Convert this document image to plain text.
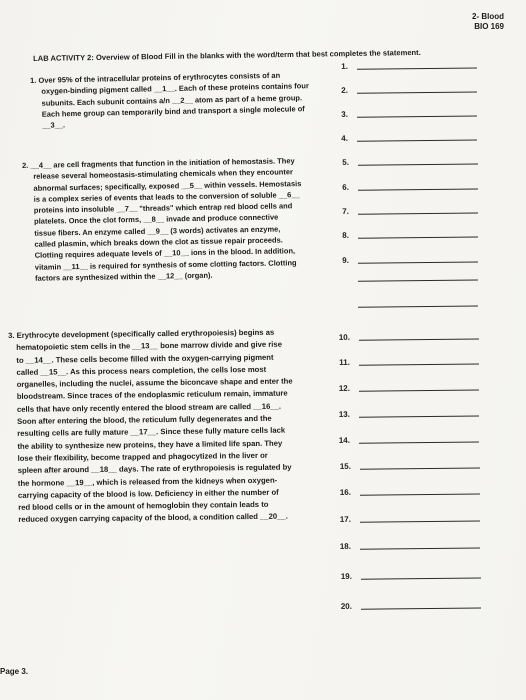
2- Blood
BIO 169
LAB ACTIVITY 2: Overview of Blood Fill in the blanks with the word/term that best completes the statement.
1. Over 95% of the intracellular proteins of erythrocytes consists of an
oxygen-binding pigment called __1__. Each of these proteins contains four
subunits. Each subunit contains a/n __2__ atom as part of a heme group.
Each heme group can temporarily bind and transport a single molecule of
__3__.
2. __4__ are cell fragments that function in the initiation of hemostasis. They
release several homeostasis-stimulating chemicals when they encounter
abnormal surfaces; specifically, exposed __5__ within vessels. Hemostasis
is a complex series of events that leads to the conversion of soluble __6__
proteins into insoluble __7__ "threads" which entrap red blood cells and
platelets. Once the clot forms, __8__ invade and produce connective
tissue fibers. An enzyme called __9__ (3 words) activates an enzyme,
called plasmin, which breaks down the clot as tissue repair proceeds.
Clotting requires adequate levels of __10__ ions in the blood. In addition,
vitamin __11__ is required for synthesis of some clotting factors. Clotting
factors are synthesized within the __12__ (organ).
3. Erythrocyte development (specifically called erythropoiesis) begins as
hematopoietic stem cells in the __13__ bone marrow divide and give rise
to __14__. These cells become filled with the oxygen-carrying pigment
called __15__. As this process nears completion, the cells lose most
organelles, including the nuclei, assume the biconcave shape and enter the
bloodstream. Since traces of the endoplasmic reticulum remain, immature
cells that have only recently entered the blood stream are called __16__.
Soon after entering the blood, the reticulum fully degenerates and the
resulting cells are fully mature __17__. Since these fully mature cells lack
the ability to synthesize new proteins, they have a limited life span. They
lose their flexibility, become trapped and phagocytized in the liver or
spleen after around __18__ days. The rate of erythropoiesis is regulated by
the hormone __19__, which is released from the kidneys when oxygen-
carrying capacity of the blood is low. Deficiency in either the number of
red blood cells or in the amount of hemoglobin they contain leads to
reduced oxygen carrying capacity of the blood, a condition called __20__.
1.
2.
3.
4.
5.
6.
7.
8.
9.
10.
11.
12.
13.
14.
15.
16.
17.
18.
19.
20.
Page 3.
